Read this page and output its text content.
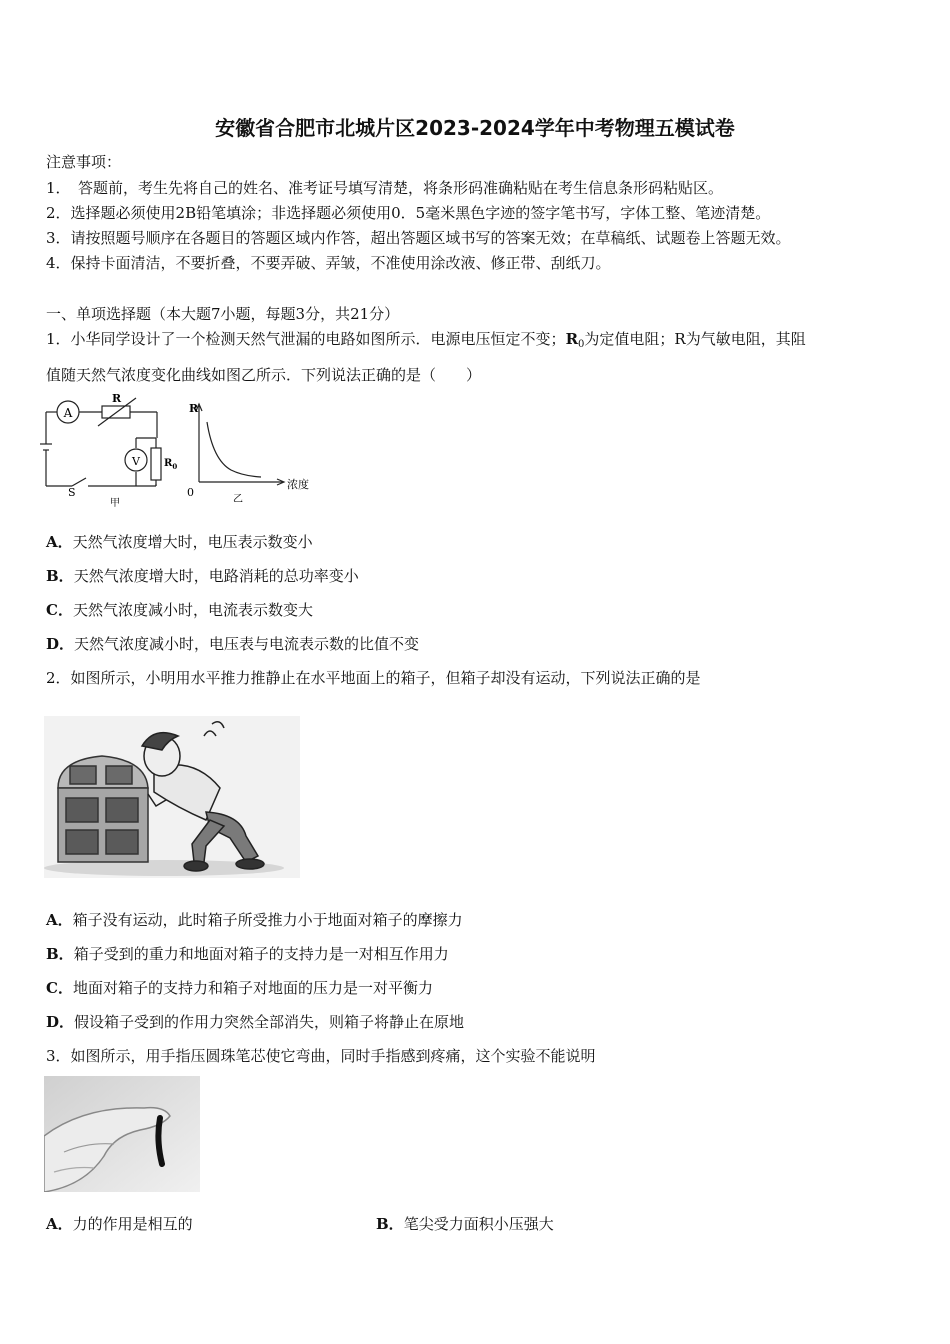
安徽省合肥市北城片区2023-2024学年中考物理五模试卷
注意事项：
1．　答题前，考生先将自己的姓名、准考证号填写清楚，将条形码准确粘贴在考生信息条形码粘贴区。
2．选择题必须使用2B铅笔填涂；非选择题必须使用0．5毫米黑色字迹的签字笔书写，字体工整、笔迹清楚。
3．请按照题号顺序在各题目的答题区域内作答，超出答题区域书写的答案无效；在草稿纸、试题卷上答题无效。
4．保持卡面清洁，不要折叠，不要弄破、弄皱，不准使用涂改液、修正带、刮纸刀。
一、单项选择题（本大题7小题，每题3分，共21分）
1．小华同学设计了一个检测天然气泄漏的电路如图所示．电源电压恒定不变；$R_0$为定值电阻；R为气敏电阻，其阻
值随天然气浓度变化曲线如图乙所示．下列说法正确的是（　　）
A
V
R
$R_0$
S
甲
R
0
浓度
乙
A．天然气浓度增大时，电压表示数变小
B．天然气浓度增大时，电路消耗的总功率变小
C．天然气浓度减小时，电流表示数变大
D．天然气浓度减小时，电压表与电流表示数的比值不变
2．如图所示，小明用水平推力推静止在水平地面上的箱子，但箱子却没有运动，下列说法正确的是
A．箱子没有运动，此时箱子所受推力小于地面对箱子的摩擦力
B．箱子受到的重力和地面对箱子的支持力是一对相互作用力
C．地面对箱子的支持力和箱子对地面的压力是一对平衡力
D．假设箱子受到的作用力突然全部消失，则箱子将静止在原地
3．如图所示，用手指压圆珠笔芯使它弯曲，同时手指感到疼痛，这个实验不能说明
A．力的作用是相互的	B．笔尖受力面积小压强大
